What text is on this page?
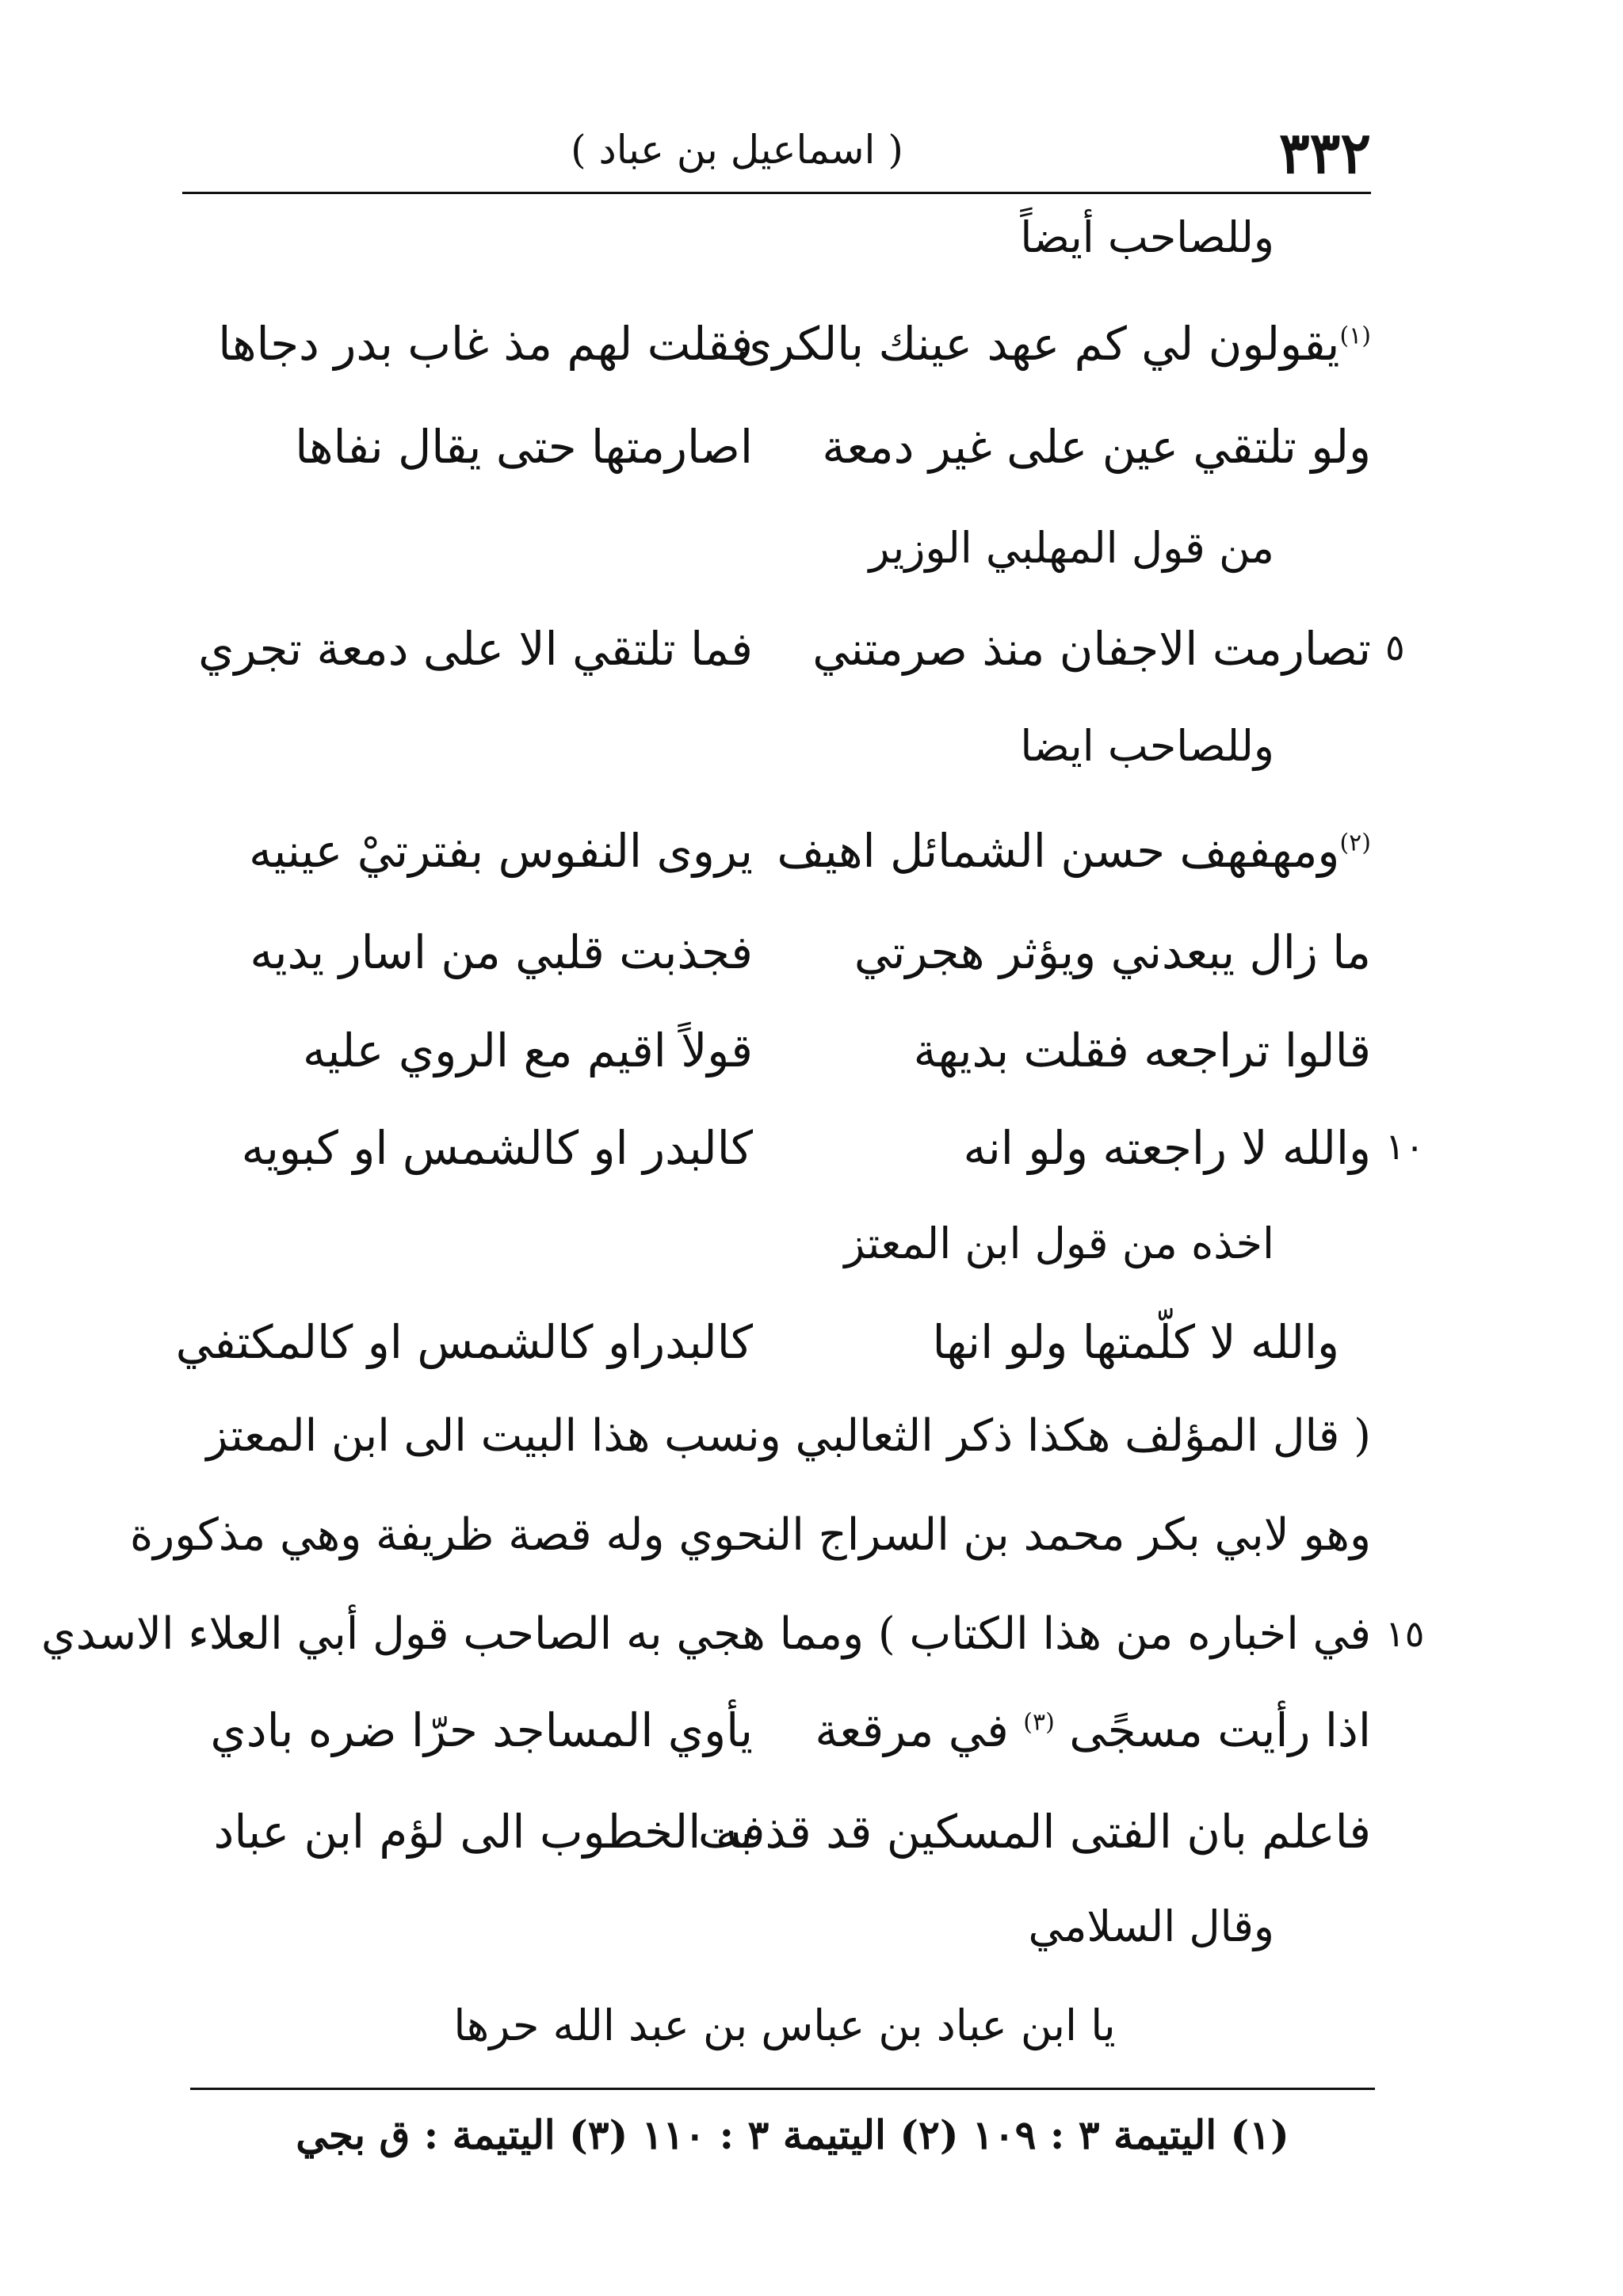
٣٣٢
( اسماعيل بن عباد )
وللصاحب أيضاً
$^{(١)}$يقولون لي كم عهد عينك بالكرى
فقلت لهم مذ غاب بدر دجاها
ولو تلتقي عين على غير دمعة
اصارمتها حتى يقال نفاها
من قول المهلبي الوزير
٥
تصارمت الاجفان منذ صرمتني
فما تلتقي الا على دمعة تجري
وللصاحب ايضا
$^{(٢)}$ومهفهف حسن الشمائل اهيف
يروى النفوس بفترتيْ عينيه
ما زال يبعدني ويؤثر هجرتي
فجذبت قلبي من اسار يديه
قالوا تراجعه فقلت بديهة
قولاً اقيم مع الروي عليه
١٠
والله لا راجعته ولو انه
كالبدر او كالشمس او كبويه
اخذه من قول ابن المعتز
والله لا كلّمتها ولو انها
كالبدراو كالشمس او كالمكتفي
( قال المؤلف هكذا ذكر الثعالبي ونسب هذا البيت الى ابن المعتز
وهو لابي بكر محمد بن السراج النحوي وله قصة ظريفة وهي مذكورة
١٥
في اخباره من هذا الكتاب ) ومما هجي به الصاحب قول أبي العلاء الاسدي
اذا رأيت مسجًى $^{(٣)}$ في مرقعة
يأوي المساجد حرّا ضره بادي
فاعلم بان الفتى المسكين قد قذفت
به الخطوب الى لؤم ابن عباد
وقال السلامي
يا ابن عباد بن عباس بن عبد الله حرها
(١) اليتيمة ٣ : ١٠٩ (٢) اليتيمة ٣ : ١١٠ (٣) اليتيمة : ق بجي
